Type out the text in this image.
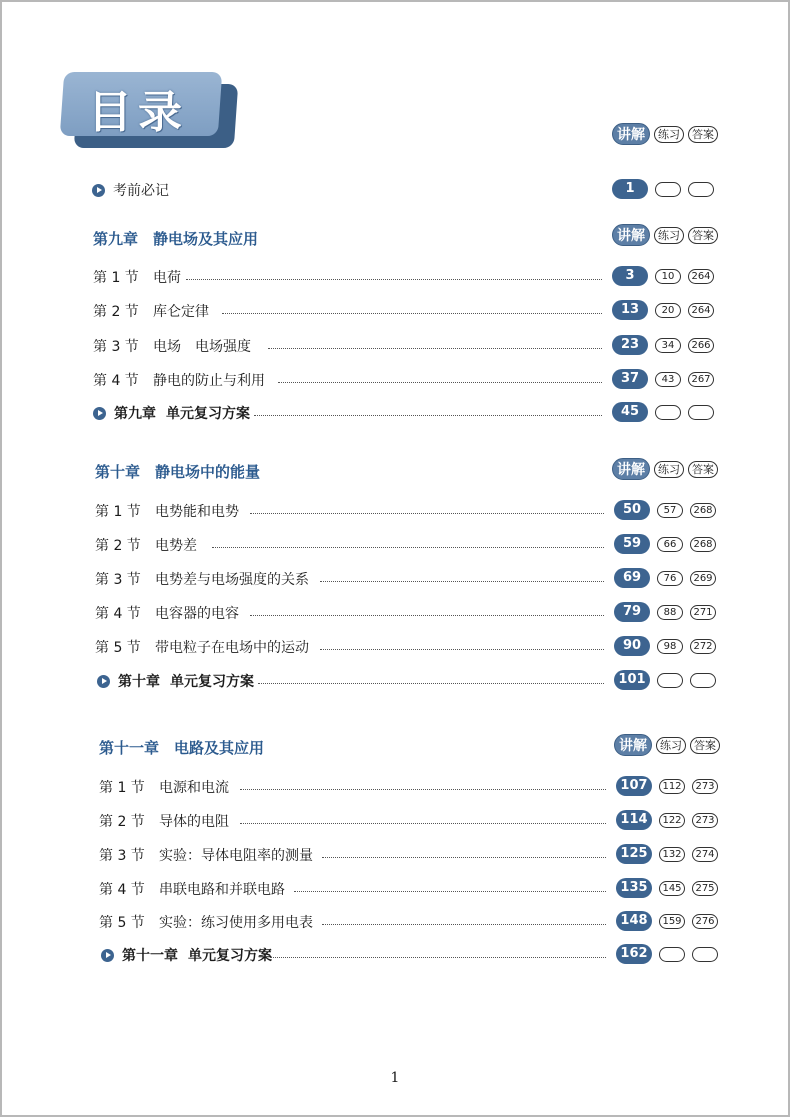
目录	讲解	练习	答案
考前必记	1
第九章　静电场及其应用	讲解	练习	答案
第 1 节	电荷	3	10	264
第 2 节	库仑定律	13	20	264
第 3 节	电场　电场强度	23	34	266
第 4 节	静电的防止与利用	37	43	267
第九章 单元复习方案	45
第十章　静电场中的能量	讲解	练习	答案
第 1 节	电势能和电势	50	57	268
第 2 节	电势差	59	66	268
第 3 节	电势差与电场强度的关系	69	76	269
第 4 节	电容器的电容	79	88	271
第 5 节	带电粒子在电场中的运动	90	98	272
第十章 单元复习方案	101
第十一章　电路及其应用	讲解	练习	答案
第 1 节	电源和电流	107	112	273
第 2 节	导体的电阻	114	122	273
第 3 节	实验：导体电阻率的测量	125	132	274
第 4 节	串联电路和并联电路	135	145	275
第 5 节	实验：练习使用多用电表	148	159	276
第十一章 单元复习方案	162
1
